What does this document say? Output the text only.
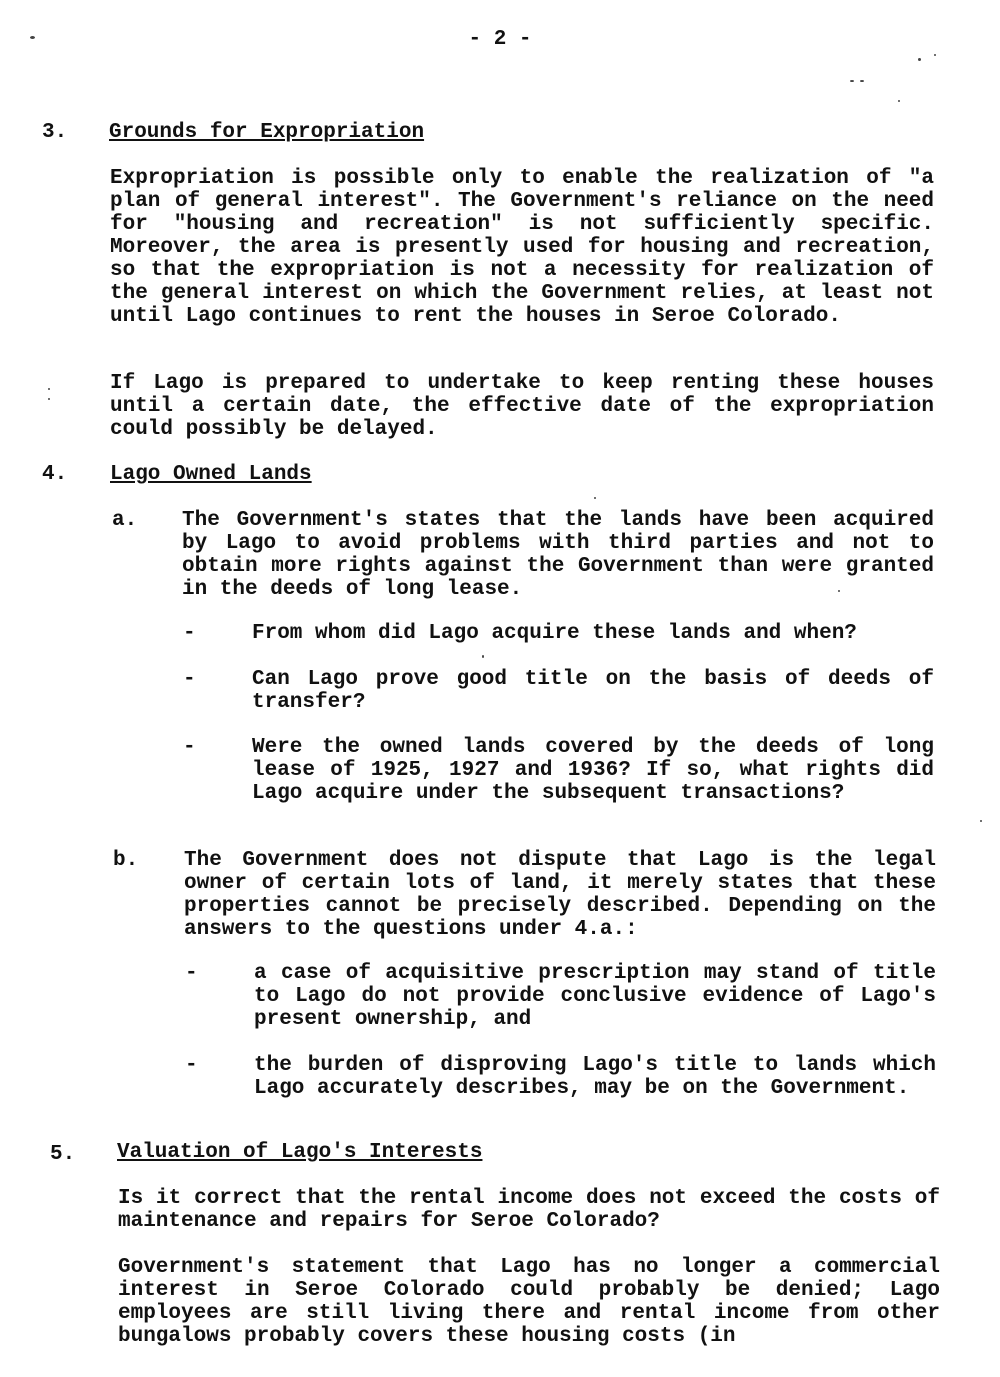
- 2 -
3. Grounds for Expropriation
Expropriation is possible only to enable the realization of "a plan of general interest". The Government's reliance on the need for "housing and recreation" is not sufficiently specific. Moreover, the area is presently used for housing and recreation, so that the expropriation is not a necessity for realization of the general interest on which the Government relies, at least not until Lago continues to rent the houses in Seroe Colorado.
If Lago is prepared to undertake to keep renting these houses until a certain date, the effective date of the expropriation could possibly be delayed.
4. Lago Owned Lands
a. The Government's states that the lands have been acquired by Lago to avoid problems with third parties and not to obtain more rights against the Government than were granted in the deeds of long lease.
-	From whom did Lago acquire these lands and when?
-	Can Lago prove good title on the basis of deeds of transfer?
-	Were the owned lands covered by the deeds of long lease of 1925, 1927 and 1936? If so, what rights did Lago acquire under the subsequent transactions?
b. The Government does not dispute that Lago is the legal owner of certain lots of land, it merely states that these properties cannot be precisely described. Depending on the answers to the questions under 4.a.:
-	a case of acquisitive prescription may stand of title to Lago do not provide conclusive evidence of Lago's present ownership, and
-	the burden of disproving Lago's title to lands which Lago accurately describes, may be on the Government.
5. Valuation of Lago's Interests
Is it correct that the rental income does not exceed the costs of maintenance and repairs for Seroe Colorado?
Government's statement that Lago has no longer a commercial interest in Seroe Colorado could probably be denied; Lago employees are still living there and rental income from other bungalows probably covers these housing costs (in
